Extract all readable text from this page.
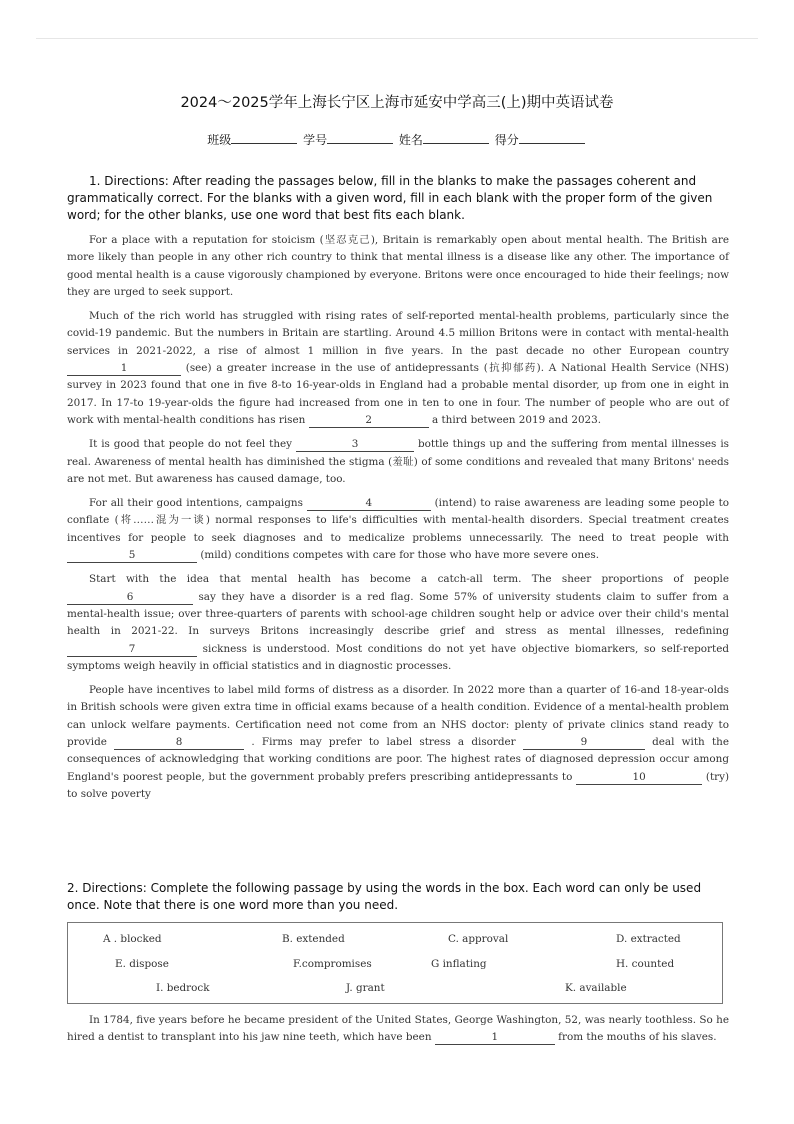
2024～2025学年上海长宁区上海市延安中学高三(上)期中英语试卷
班级	学号	姓名	得分
1. Directions: After reading the passages below, fill in the blanks to make the passages coherent and grammatically correct. For the blanks with a given word, fill in each blank with the proper form of the given word; for the other blanks, use one word that best fits each blank.

For a place with a reputation for stoicism (坚忍克己), Britain is remarkably open about mental health. The British are more likely than people in any other rich country to think that mental illness is a disease like any other. The importance of good mental health is a cause vigorously championed by everyone. Britons were once encouraged to hide their feelings; now they are urged to seek support.

Much of the rich world has struggled with rising rates of self-reported mental-health problems, particularly since the covid-19 pandemic. But the numbers in Britain are startling. Around 4.5 million Britons were in contact with mental-health services in 2021-2022, a rise of almost 1 million in five years. In the past decade no other European country 1	(see) a greater increase in the use of antidepressants (抗抑郁药). A National Health Service (NHS) survey in 2023 found that one in five 8-to 16-year-olds in England had a probable mental disorder, up from one in eight in 2017. In 17-to 19-year-olds the figure had increased from one in ten to one in four. The number of people who are out of work with mental-health conditions has risen	2	a third between 2019 and 2023.

It is good that people do not feel they	3	bottle things up and the suffering from mental illnesses is real. Awareness of mental health has diminished the stigma (羞耻) of some conditions and revealed that many Britons' needs are not met. But awareness has caused damage, too.

For all their good intentions, campaigns	4	(intend) to raise awareness are leading some people to conflate (将……混为一谈) normal responses to life's difficulties with mental-health disorders. Special treatment creates incentives for people to seek diagnoses and to medicalize problems unnecessarily. The need to treat people with 5	(mild) conditions competes with care for those who have more severe ones.

Start with the idea that mental health has become a catch-all term. The sheer proportions of people 6	say they have a disorder is a red flag. Some 57% of university students claim to suffer from a mental-health issue; over three-quarters of parents with school-age children sought help or advice over their child's mental health in 2021-22. In surveys Britons increasingly describe grief and stress as mental illnesses, redefining 7	sickness is understood. Most conditions do not yet have objective biomarkers, so self-reported symptoms weigh heavily in official statistics and in diagnostic processes.

People have incentives to label mild forms of distress as a disorder. In 2022 more than a quarter of 16-and 18-year-olds in British schools were given extra time in official exams because of a health condition. Evidence of a mental-health problem can unlock welfare payments. Certification need not come from an NHS doctor: plenty of private clinics stand ready to provide	8	. Firms may prefer to label stress a disorder	9	deal with the consequences of acknowledging that working conditions are poor. The highest rates of diagnosed depression occur among England's poorest people, but the government probably prefers prescribing antidepressants to	10	(try) to solve poverty

2. Directions: Complete the following passage by using the words in the box. Each word can only be used once. Note that there is one word more than you need.
A . blocked	B. extended	C. approval	D. extracted
E. dispose	F.compromises	G inflating	H. counted
I. bedrock	J. grant	K. available

In 1784, five years before he became president of the United States, George Washington, 52, was nearly toothless. So he hired a dentist to transplant into his jaw nine teeth, which have been	1	from the mouths of his slaves.
